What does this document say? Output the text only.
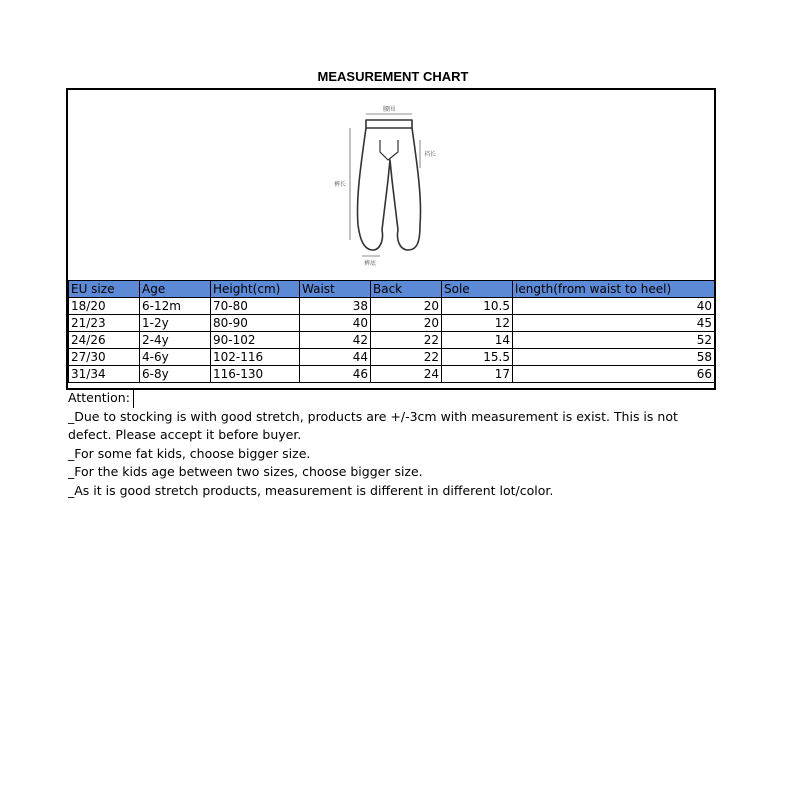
MEASUREMENT CHART
腰围
裤长
裆长
裤底
EU size	Age	Height(cm)	Waist	Back	Sole	length(from waist to heel)
18/20	6-12m	70-80	38	20	10.5	40
21/23	1-2y	80-90	40	20	12	45
24/26	2-4y	90-102	42	22	14	52
27/30	4-6y	102-116	44	22	15.5	58
31/34	6-8y	116-130	46	24	17	66
Attention:
_Due to stocking is with good stretch, products are +/-3cm with measurement is exist. This is not
defect. Please accept it before buyer.
_For some fat kids, choose bigger size.
_For the kids age between two sizes, choose bigger size.
_As it is good stretch products, measurement is different in different lot/color.
